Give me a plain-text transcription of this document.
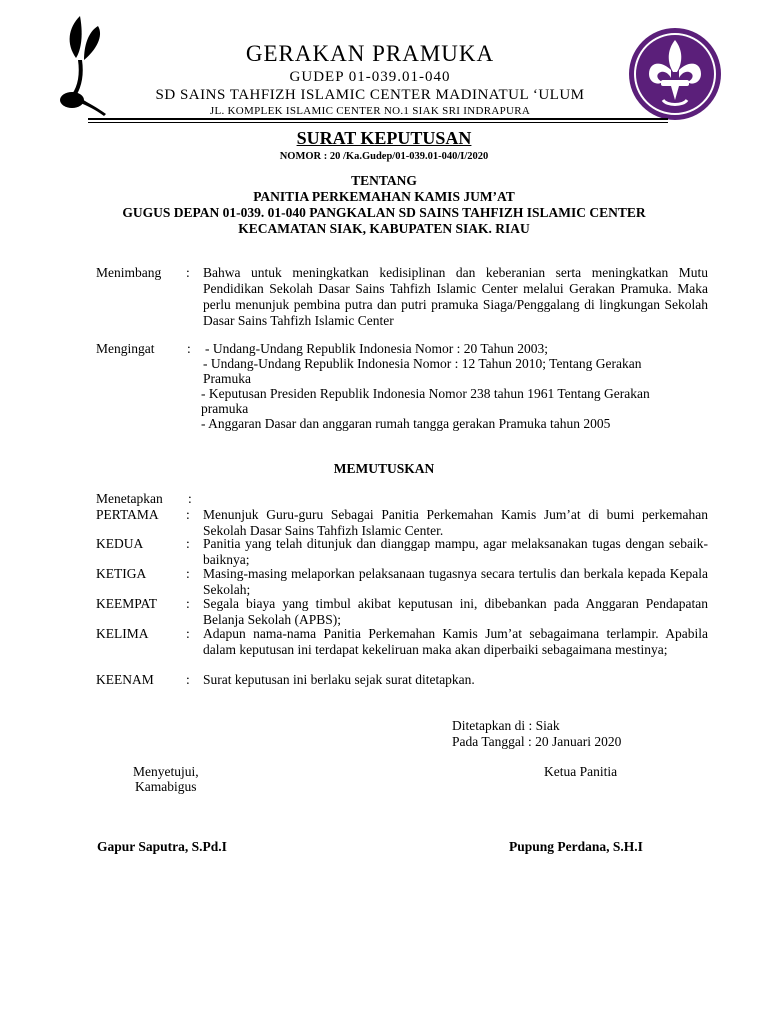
GERAKAN PRAMUKA
GUDEP 01-039.01-040
SD SAINS TAHFIZH ISLAMIC CENTER MADINATUL ‘ULUM
JL. KOMPLEK ISLAMIC CENTER NO.1 SIAK SRI INDRAPURA
SURAT KEPUTUSAN
NOMOR : 20 /Ka.Gudep/01-039.01-040/I/2020
TENTANG
PANITIA PERKEMAHAN KAMIS JUM’AT
GUGUS DEPAN 01-039. 01-040 PANGKALAN SD SAINS TAHFIZH ISLAMIC CENTER
KECAMATAN SIAK, KABUPATEN SIAK. RIAU
Menimbang : Bahwa untuk meningkatkan kedisiplinan dan keberanian serta meningkatkan Mutu Pendidikan Sekolah Dasar Sains Tahfizh Islamic Center melalui Gerakan Pramuka. Maka perlu menunjuk pembina putra dan putri pramuka Siaga/Penggalang di lingkungan Sekolah Dasar Sains Tahfizh Islamic Center
Mengingat : - Undang-Undang Republik Indonesia Nomor : 20 Tahun 2003;
- Undang-Undang Republik Indonesia Nomor : 12 Tahun 2010; Tentang Gerakan
Pramuka
- Keputusan Presiden Republik Indonesia Nomor 238 tahun 1961 Tentang Gerakan
pramuka
- Anggaran Dasar dan anggaran rumah tangga gerakan Pramuka tahun 2005
MEMUTUSKAN
Menetapkan :
PERTAMA : Menunjuk Guru-guru Sebagai Panitia Perkemahan Kamis Jum’at di bumi perkemahan Sekolah Dasar Sains Tahfizh Islamic Center.
KEDUA	: Panitia yang telah ditunjuk dan dianggap mampu, agar melaksanakan tugas dengan sebaik-baiknya;
KETIGA	: Masing-masing melaporkan pelaksanaan tugasnya secara tertulis dan berkala kepada Kepala Sekolah;
KEEMPAT : Segala biaya yang timbul akibat keputusan ini, dibebankan pada Anggaran Pendapatan Belanja Sekolah (APBS);
KELIMA	: Adapun nama-nama Panitia Perkemahan Kamis Jum’at sebagaimana terlampir. Apabila dalam keputusan ini terdapat kekeliruan maka akan diperbaiki sebagaimana mestinya;
KEENAM : Surat keputusan ini berlaku sejak surat ditetapkan.
Ditetapkan di : Siak
Pada Tanggal : 20 Januari 2020
Menyetujui,
Kamabigus
Ketua Panitia
Gapur Saputra, S.Pd.I	Pupung Perdana, S.H.I
